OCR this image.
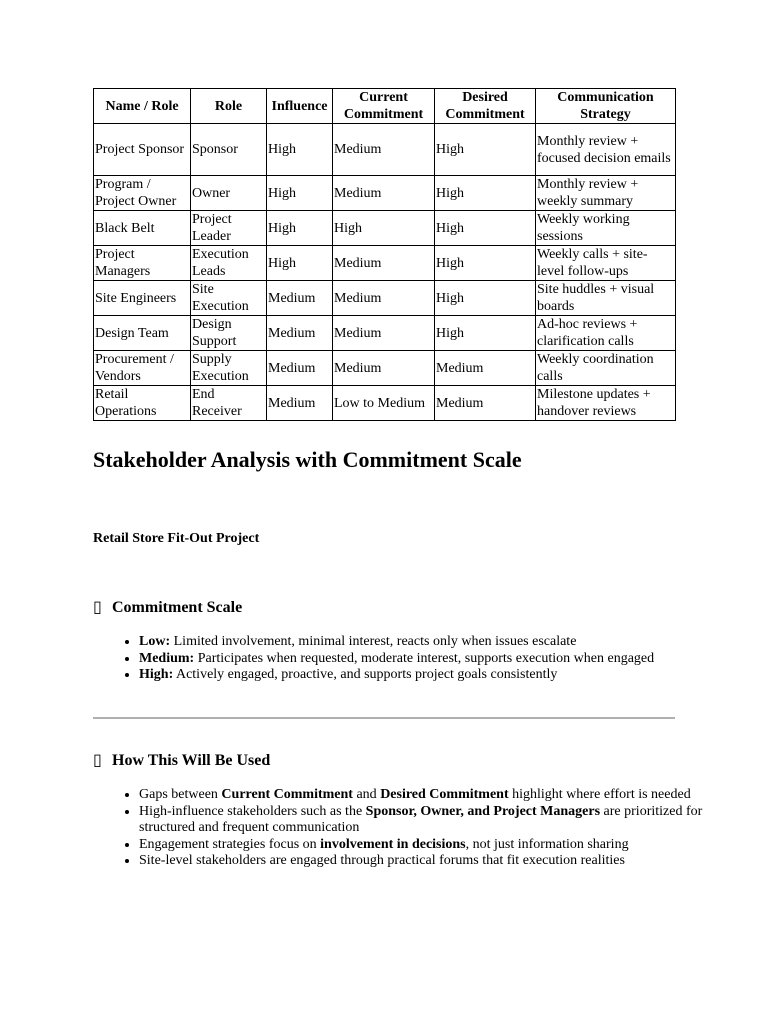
Name / Role	Role	Influence	Current Commitment	Desired Commitment	Communication Strategy
Project Sponsor	Sponsor	High	Medium	High	Monthly review + focused decision emails
Program / Project Owner	Owner	High	Medium	High	Monthly review + weekly summary
Black Belt	Project Leader	High	High	High	Weekly working sessions
Project Managers	Execution Leads	High	Medium	High	Weekly calls + site-level follow-ups
Site Engineers	Site Execution	Medium	Medium	High	Site huddles + visual boards
Design Team	Design Support	Medium	Medium	High	Ad-hoc reviews + clarification calls
Procurement / Vendors	Supply Execution	Medium	Medium	Medium	Weekly coordination calls
Retail Operations	End Receiver	Medium	Low to Medium	Medium	Milestone updates + handover reviews
Stakeholder Analysis with Commitment Scale

Retail Store Fit-Out Project

▯ Commitment Scale
• Low: Limited involvement, minimal interest, reacts only when issues escalate
• Medium: Participates when requested, moderate interest, supports execution when engaged
• High: Actively engaged, proactive, and supports project goals consistently
▯ How This Will Be Used
• Gaps between Current Commitment and Desired Commitment highlight where effort is needed
• High-influence stakeholders such as the Sponsor, Owner, and Project Managers are prioritized for structured and frequent communication
• Engagement strategies focus on involvement in decisions, not just information sharing
• Site-level stakeholders are engaged through practical forums that fit execution realities
